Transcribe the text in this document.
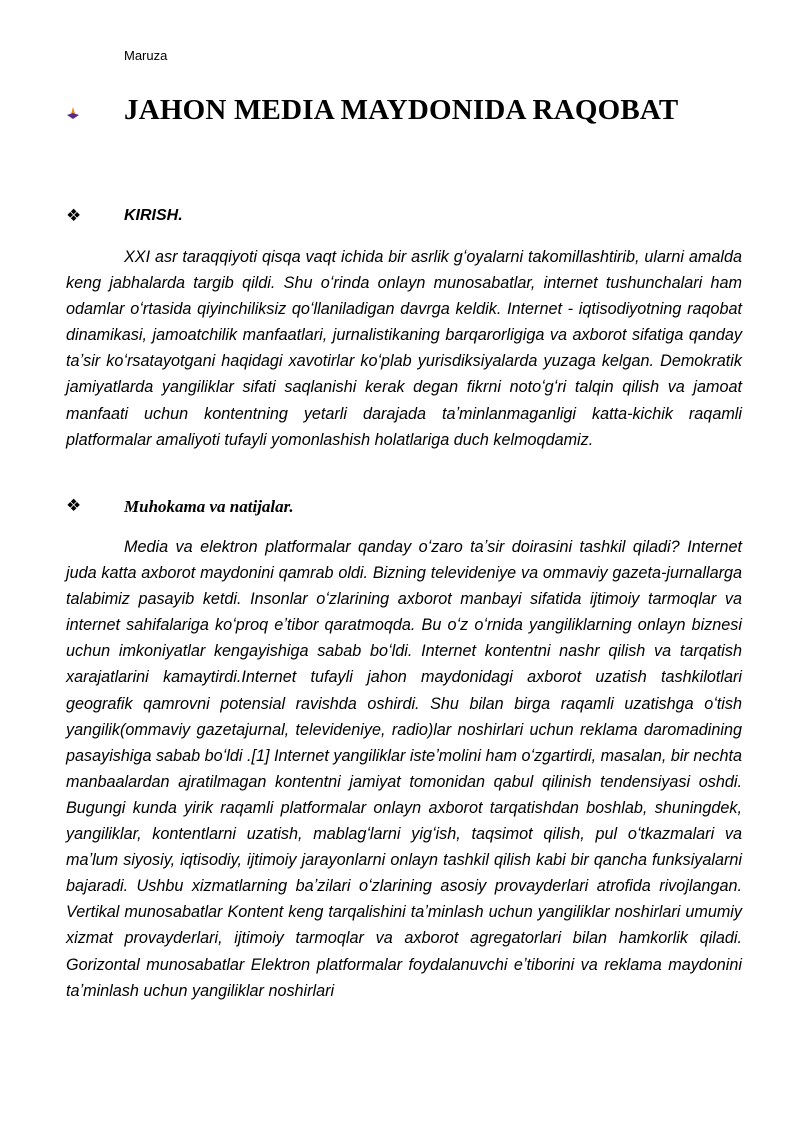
Maruza
JAHON MEDIA MAYDONIDA RAQOBAT
❖	KIRISH.

XXI asr taraqqiyoti qisqa vaqt ichida bir asrlik gʻoyalarni takomillashtirib, ularni amalda keng jabhalarda targib qildi. Shu oʻrinda onlayn munosabatlar, internet tushunchalari ham odamlar oʻrtasida qiyinchiliksiz qoʻllaniladigan davrga keldik. Internet - iqtisodiyotning raqobat dinamikasi, jamoatchilik manfaatlari, jurnalistikaning barqarorligiga va axborot sifatiga qanday taʼsir koʻrsatayotgani haqidagi xavotirlar koʻplab yurisdiksiyalarda yuzaga kelgan. Demokratik jamiyatlarda yangiliklar sifati saqlanishi kerak degan fikrni notoʻgʻri talqin qilish va jamoat manfaati uchun kontentning yetarli darajada taʼminlanmaganligi katta-kichik raqamli platformalar amaliyoti tufayli yomonlashish holatlariga duch kelmoqdamiz.

❖	Muhokama va natijalar.

Media va elektron platformalar qanday oʻzaro taʼsir doirasini tashkil qiladi? Internet juda katta axborot maydonini qamrab oldi. Bizning televideniye va ommaviy gazeta-jurnallarga talabimiz pasayib ketdi. Insonlar oʻzlarining axborot manbayi sifatida ijtimoiy tarmoqlar va internet sahifalariga koʻproq eʼtibor qaratmoqda. Bu oʻz oʻrnida yangiliklarning onlayn biznesi uchun imkoniyatlar kengayishiga sabab boʻldi. Internet kontentni nashr qilish va tarqatish xarajatlarini kamaytirdi.Internet tufayli jahon maydonidagi axborot uzatish tashkilotlari geografik qamrovni potensial ravishda oshirdi. Shu bilan birga raqamli uzatishga oʻtish yangilik(ommaviy gazetajurnal, televideniye, radio)lar noshirlari uchun reklama daromadining pasayishiga sabab boʻldi .[1] Internet yangiliklar isteʼmolini ham oʻzgartirdi, masalan, bir nechta manbaalardan ajratilmagan kontentni jamiyat tomonidan qabul qilinish tendensiyasi oshdi. Bugungi kunda yirik raqamli platformalar onlayn axborot tarqatishdan boshlab, shuningdek, yangiliklar, kontentlarni uzatish, mablagʻlarni yigʻish, taqsimot qilish, pul oʻtkazmalari va maʼlum siyosiy, iqtisodiy, ijtimoiy jarayonlarni onlayn tashkil qilish kabi bir qancha funksiyalarni bajaradi. Ushbu xizmatlarning baʼzilari oʻzlarining asosiy provayderlari atrofida rivojlangan. Vertikal munosabatlar Kontent keng tarqalishini taʼminlash uchun yangiliklar noshirlari umumiy xizmat provayderlari, ijtimoiy tarmoqlar va axborot agregatorlari bilan hamkorlik qiladi. Gorizontal munosabatlar Elektron platformalar foydalanuvchi eʼtiborini va reklama maydonini taʼminlash uchun yangiliklar noshirlari
